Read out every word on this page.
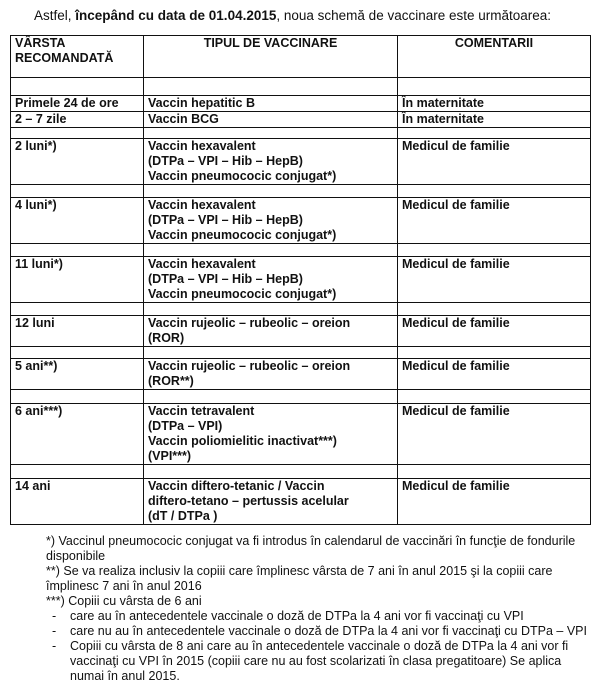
Astfel, începând cu data de 01.04.2015, noua schemă de vaccinare este următoarea:
VÂRSTA RECOMANDATĂ	TIPUL DE VACCINARE	COMENTARII

Primele 24 de ore	Vaccin hepatitic B	În maternitate
2 – 7 zile	Vaccin BCG	În maternitate

2 luni*)	Vaccin hexavalent
(DTPa – VPI – Hib – HepB)
Vaccin pneumococic conjugat*)	Medicul de familie

4 luni*)	Vaccin hexavalent
(DTPa – VPI – Hib – HepB)
Vaccin pneumococic conjugat*)	Medicul de familie

11 luni*)	Vaccin hexavalent
(DTPa – VPI – Hib – HepB)
Vaccin pneumococic conjugat*)	Medicul de familie

12 luni	Vaccin rujeolic – rubeolic – oreion
(ROR)	Medicul de familie

5 ani**)	Vaccin rujeolic – rubeolic – oreion
(ROR**)	Medicul de familie

6 ani***)	Vaccin tetravalent
(DTPa – VPI)
Vaccin poliomielitic inactivat***)
(VPI***)	Medicul de familie

14 ani	Vaccin diftero-tetanic / Vaccin
diftero-tetano – pertussis acelular
(dT / DTPa )	Medicul de familie
*) Vaccinul pneumococic conjugat va fi introdus în calendarul de vaccinări în funcţie de fondurile disponibile
**) Se va realiza inclusiv la copiii care împlinesc vârsta de 7 ani în anul 2015 şi la copiii care împlinesc 7 ani în anul 2016
***) Copiii cu vârsta de 6 ani
- care au în antecedentele vaccinale o doză de DTPa la 4 ani vor fi vaccinaţi cu VPI
- care nu au în antecedentele vaccinale o doză de DTPa la 4 ani vor fi vaccinaţi cu DTPa – VPI
- Copiii cu vârsta de 8 ani care au în antecedentele vaccinale o doză de DTPa la 4 ani vor fi vaccinaţi cu VPI în 2015 (copiii care nu au fost scolarizati în clasa pregatitoare) Se aplica numai în anul 2015.
